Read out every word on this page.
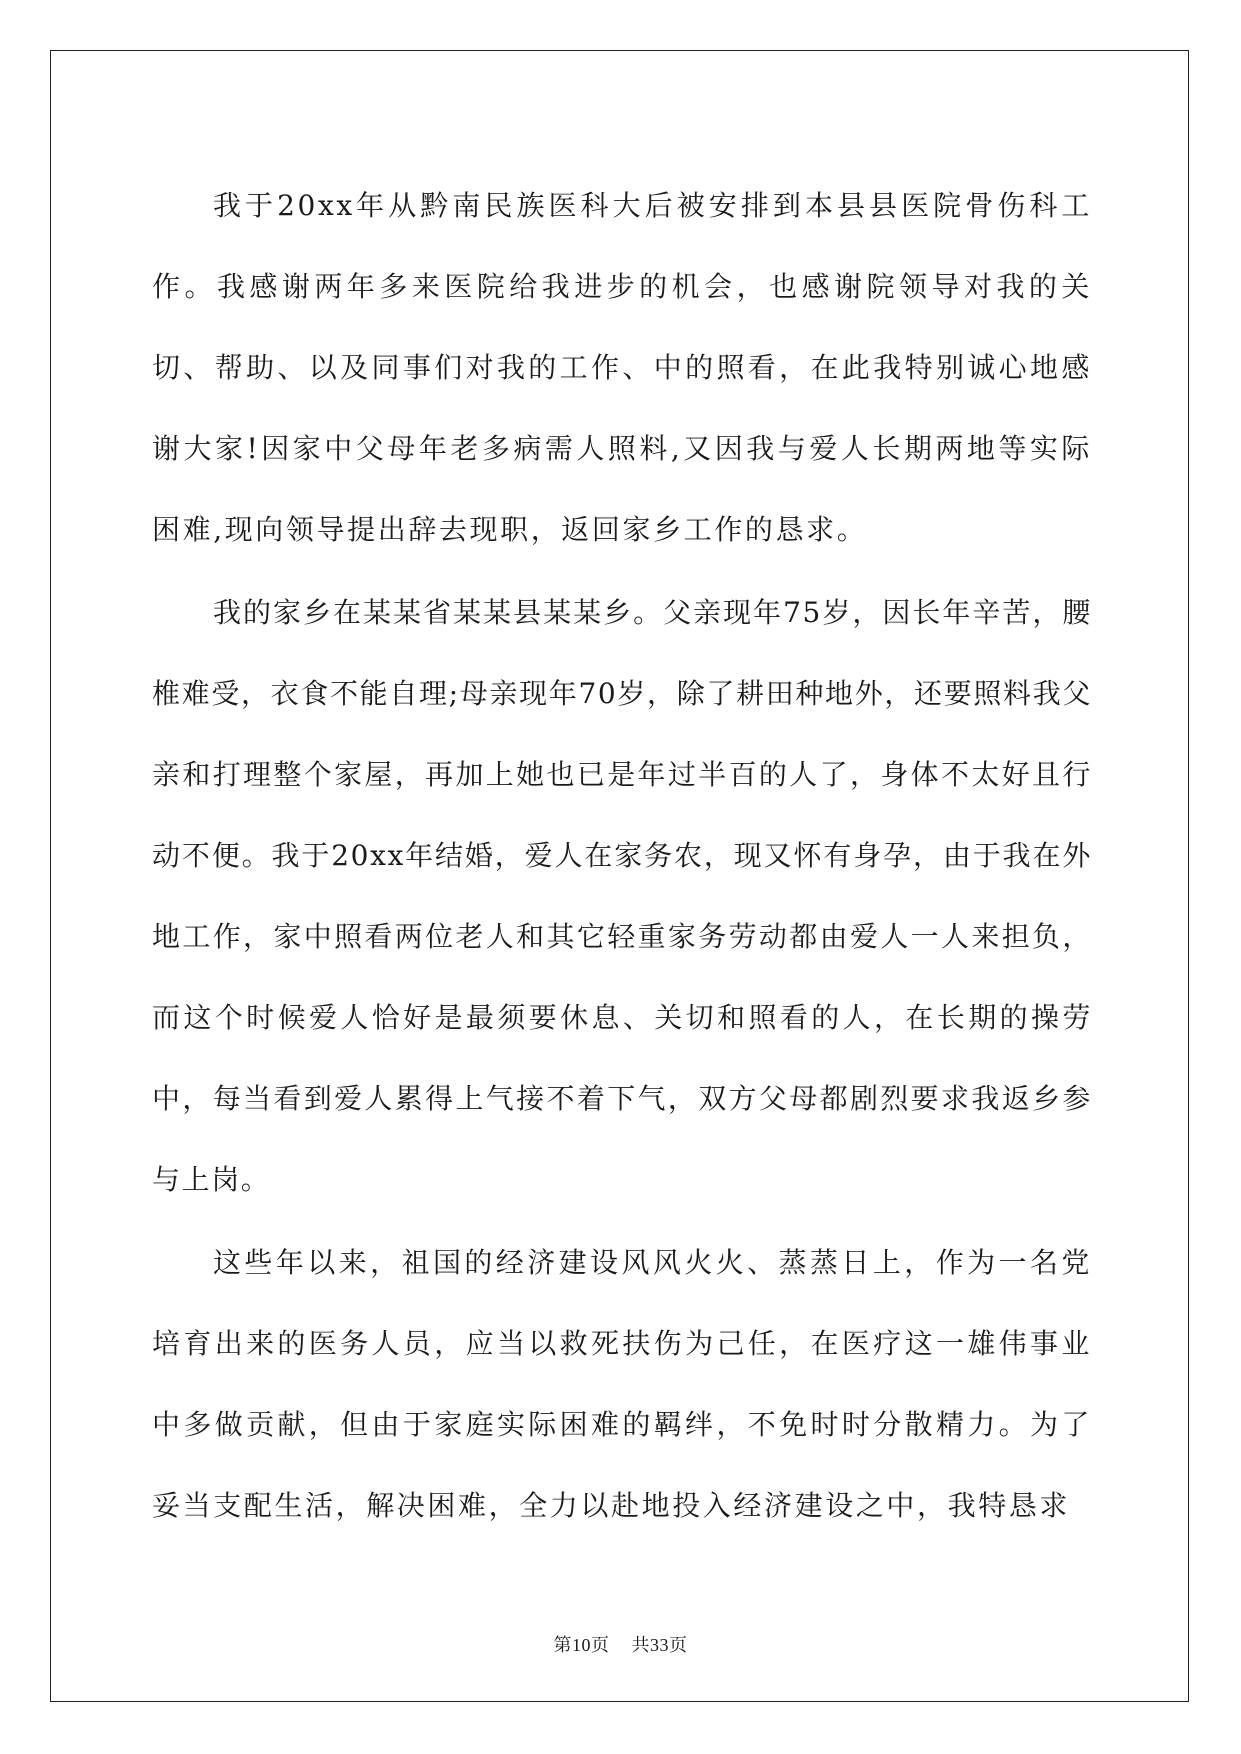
我于20xx年从黔南民族医科大后被安排到本县县医院骨伤科工作。我感谢两年多来医院给我进步的机会，也感谢院领导对我的关切、帮助、以及同事们对我的工作、中的照看，在此我特别诚心地感谢大家!因家中父母年老多病需人照料,又因我与爱人长期两地等实际困难,现向领导提出辞去现职，返回家乡工作的恳求。

我的家乡在某某省某某县某某乡。父亲现年75岁，因长年辛苦，腰椎难受，衣食不能自理;母亲现年70岁，除了耕田种地外，还要照料我父亲和打理整个家屋，再加上她也已是年过半百的人了，身体不太好且行动不便。我于20xx年结婚，爱人在家务农，现又怀有身孕，由于我在外地工作，家中照看两位老人和其它轻重家务劳动都由爱人一人来担负，而这个时候爱人恰好是最须要休息、关切和照看的人，在长期的操劳中，每当看到爱人累得上气接不着下气，双方父母都剧烈要求我返乡参与上岗。

这些年以来，祖国的经济建设风风火火、蒸蒸日上，作为一名党培育出来的医务人员，应当以救死扶伤为己任，在医疗这一雄伟事业中多做贡献，但由于家庭实际困难的羁绊，不免时时分散精力。为了妥当支配生活，解决困难，全力以赴地投入经济建设之中，我特恳求

第10页 共33页
